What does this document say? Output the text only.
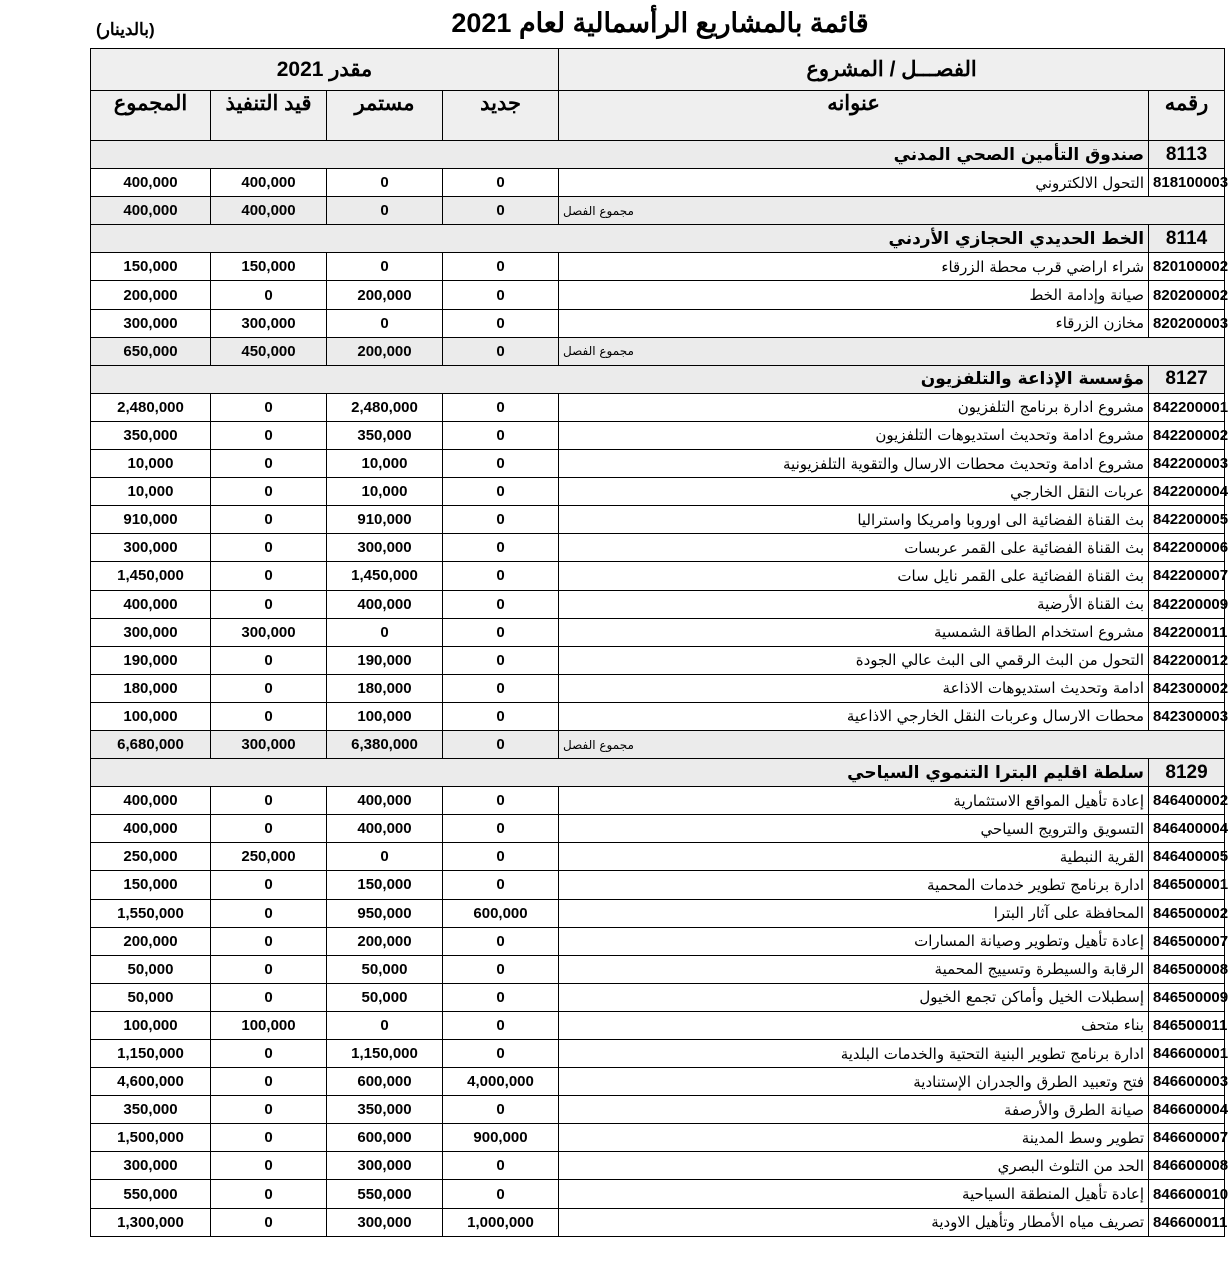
قائمة بالمشاريع الرأسمالية لعام 2021
(بالدينار)
مقدر 2021				الفصـــل / المشروع	
المجموع	قيد التنفيذ	مستمر	جديد	عنوانه	رقمه
صندوق التأمين الصحي المدني					8113
400,000	400,000	0	0	التحول الالكتروني	818100003
400,000	400,000	0	0	مجموع الفصل	
الخط الحديدي الحجازي الأردني					8114
150,000	150,000	0	0	شراء اراضي قرب محطة الزرقاء	820100002
200,000	0	200,000	0	صيانة وإدامة الخط	820200002
300,000	300,000	0	0	مخازن الزرقاء	820200003
650,000	450,000	200,000	0	مجموع الفصل	
مؤسسة الإذاعة والتلفزيون					8127
2,480,000	0	2,480,000	0	مشروع ادارة برنامج التلفزيون	842200001
350,000	0	350,000	0	مشروع ادامة وتحديث استديوهات التلفزيون	842200002
10,000	0	10,000	0	مشروع ادامة وتحديث محطات الارسال والتقوية التلفزيونية	842200003
10,000	0	10,000	0	عربات النقل الخارجي	842200004
910,000	0	910,000	0	بث القناة الفضائية الى اوروبا وامريكا واستراليا	842200005
300,000	0	300,000	0	بث القناة الفضائية على القمر عربسات	842200006
1,450,000	0	1,450,000	0	بث القناة الفضائية على القمر نايل سات	842200007
400,000	0	400,000	0	بث القناة الأرضية	842200009
300,000	300,000	0	0	مشروع استخدام الطاقة الشمسية	842200011
190,000	0	190,000	0	التحول من البث الرقمي الى البث عالي الجودة	842200012
180,000	0	180,000	0	ادامة وتحديث استديوهات الاذاعة	842300002
100,000	0	100,000	0	محطات الارسال وعربات النقل الخارجي الاذاعية	842300003
6,680,000	300,000	6,380,000	0	مجموع الفصل	
سلطة اقليم البترا التنموي السياحي					8129
400,000	0	400,000	0	إعادة تأهيل المواقع الاستثمارية	846400002
400,000	0	400,000	0	التسويق والترويج السياحي	846400004
250,000	250,000	0	0	القرية النبطية	846400005
150,000	0	150,000	0	ادارة برنامج تطوير خدمات المحمية	846500001
1,550,000	0	950,000	600,000	المحافظة على آثار البترا	846500002
200,000	0	200,000	0	إعادة تأهيل وتطوير وصيانة المسارات	846500007
50,000	0	50,000	0	الرقابة والسيطرة وتسييج المحمية	846500008
50,000	0	50,000	0	إسطبلات الخيل وأماكن تجمع الخيول	846500009
100,000	100,000	0	0	بناء متحف	846500011
1,150,000	0	1,150,000	0	ادارة برنامج تطوير البنية التحتية والخدمات البلدية	846600001
4,600,000	0	600,000	4,000,000	فتح وتعبيد الطرق والجدران الإستنادية	846600003
350,000	0	350,000	0	صيانة الطرق والأرصفة	846600004
1,500,000	0	600,000	900,000	تطوير وسط المدينة	846600007
300,000	0	300,000	0	الحد من التلوث البصري	846600008
550,000	0	550,000	0	إعادة تأهيل المنطقة السياحية	846600010
1,300,000	0	300,000	1,000,000	تصريف مياه الأمطار وتأهيل الاودية	846600011
